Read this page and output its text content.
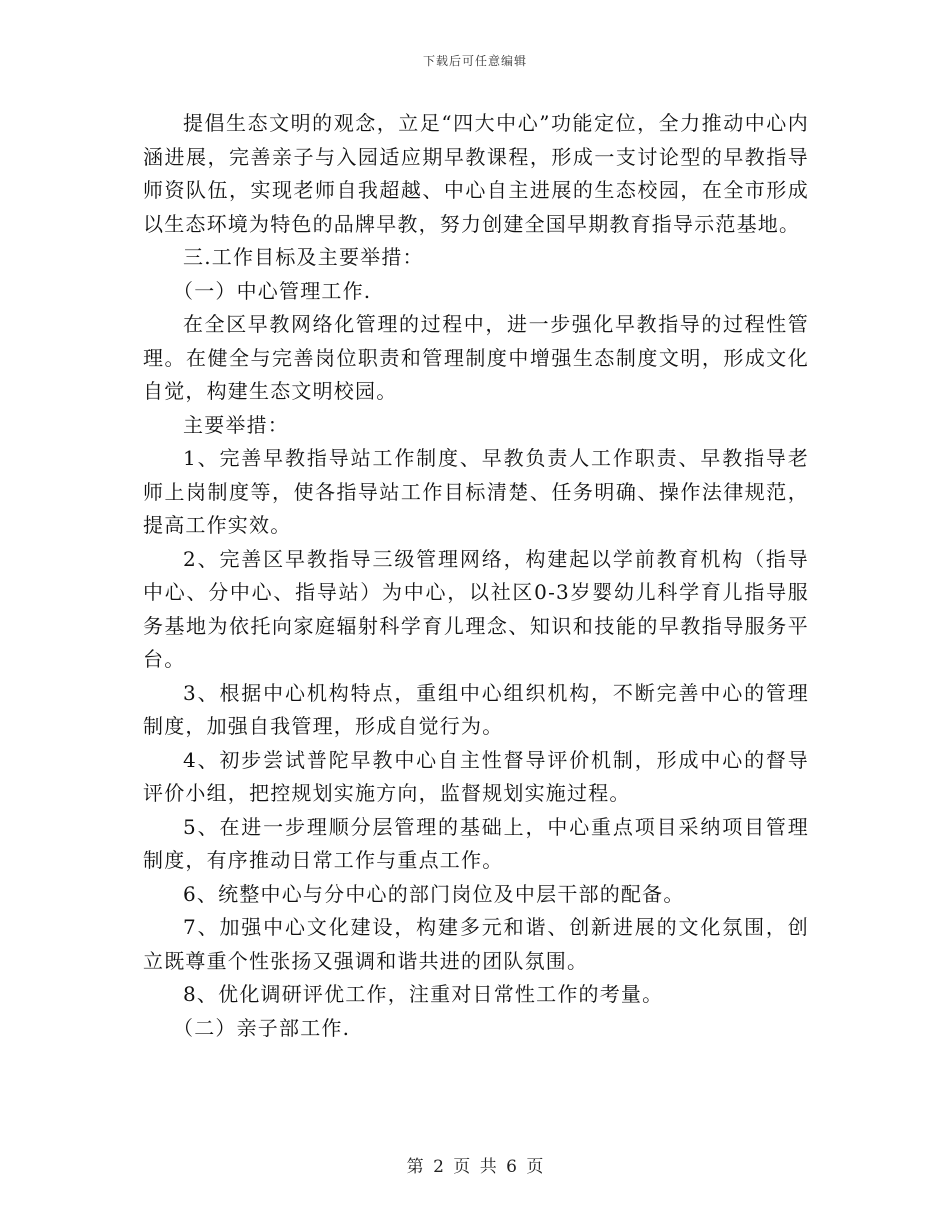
下载后可任意编辑

提倡生态文明的观念，立足“四大中心”功能定位，全力推动中心内涵进展，完善亲子与入园适应期早教课程，形成一支讨论型的早教指导师资队伍，实现老师自我超越、中心自主进展的生态校园，在全市形成以生态环境为特色的品牌早教，努力创建全国早期教育指导示范基地。

三.工作目标及主要举措：

（一）中心管理工作.

在全区早教网络化管理的过程中，进一步强化早教指导的过程性管理。在健全与完善岗位职责和管理制度中增强生态制度文明，形成文化自觉，构建生态文明校园。

主要举措：

1、完善早教指导站工作制度、早教负责人工作职责、早教指导老师上岗制度等，使各指导站工作目标清楚、任务明确、操作法律规范，提高工作实效。

2、完善区早教指导三级管理网络，构建起以学前教育机构（指导中心、分中心、指导站）为中心，以社区0-3岁婴幼儿科学育儿指导服务基地为依托向家庭辐射科学育儿理念、知识和技能的早教指导服务平台。

3、根据中心机构特点，重组中心组织机构，不断完善中心的管理制度，加强自我管理，形成自觉行为。

4、初步尝试普陀早教中心自主性督导评价机制，形成中心的督导评价小组，把控规划实施方向，监督规划实施过程。

5、在进一步理顺分层管理的基础上，中心重点项目采纳项目管理制度，有序推动日常工作与重点工作。

6、统整中心与分中心的部门岗位及中层干部的配备。

7、加强中心文化建设，构建多元和谐、创新进展的文化氛围，创立既尊重个性张扬又强调和谐共进的团队氛围。

8、优化调研评优工作，注重对日常性工作的考量。

（二）亲子部工作.

第 2 页 共 6 页
